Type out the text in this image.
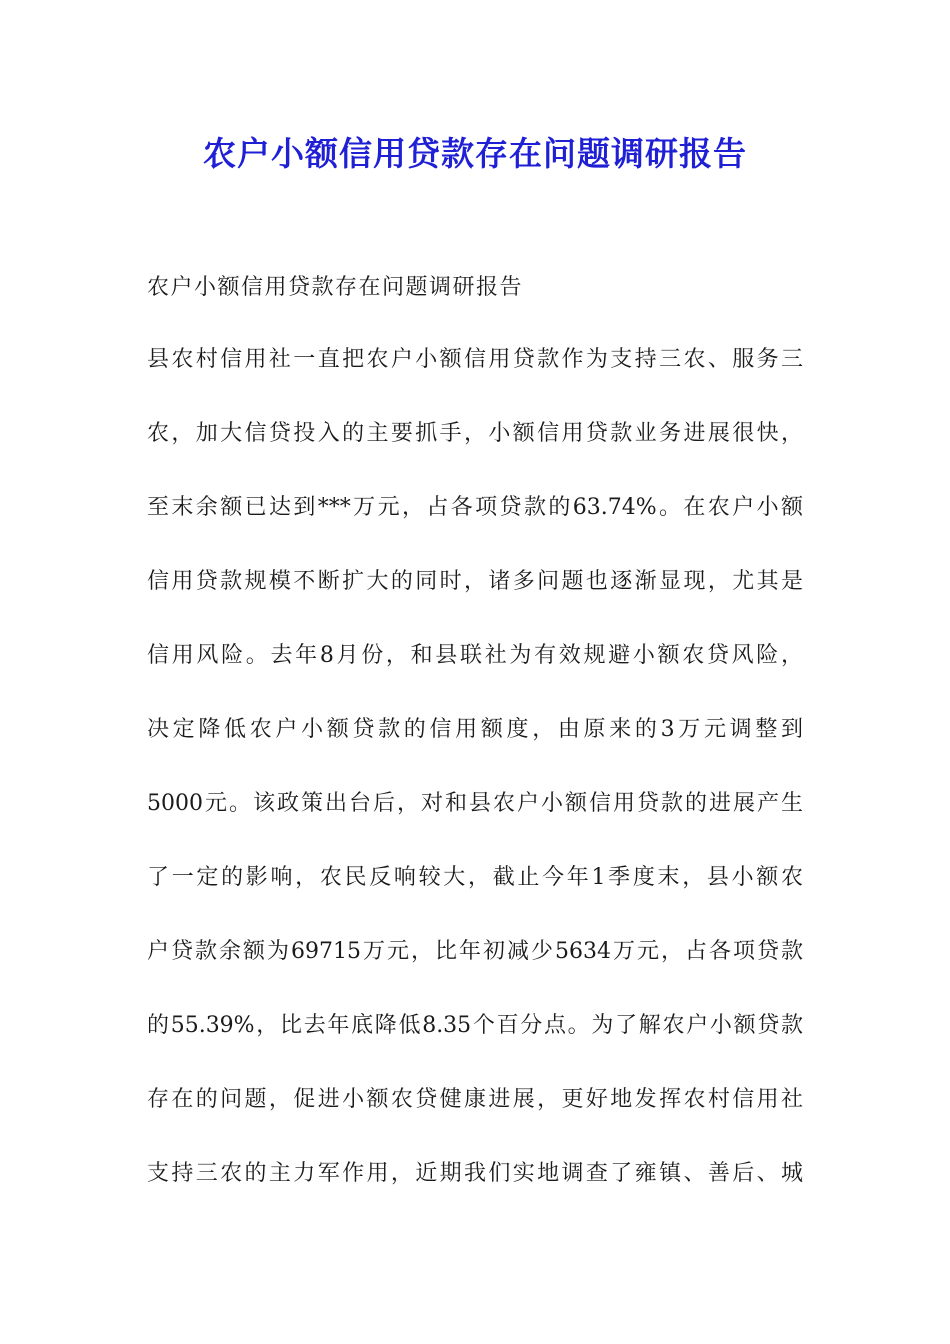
农户小额信用贷款存在问题调研报告
农户小额信用贷款存在问题调研报告
县农村信用社一直把农户小额信用贷款作为支持三农、服务三
农，加大信贷投入的主要抓手，小额信用贷款业务进展很快，
至末余额已达到***万元，占各项贷款的63.74%。在农户小额
信用贷款规模不断扩大的同时，诸多问题也逐渐显现，尤其是
信用风险。去年8月份，和县联社为有效规避小额农贷风险，
决定降低农户小额贷款的信用额度，由原来的3万元调整到
5000元。该政策出台后，对和县农户小额信用贷款的进展产生
了一定的影响，农民反响较大，截止今年1季度末，县小额农
户贷款余额为69715万元，比年初减少5634万元，占各项贷款
的55.39%，比去年底降低8.35个百分点。为了解农户小额贷款
存在的问题，促进小额农贷健康进展，更好地发挥农村信用社
支持三农的主力军作用，近期我们实地调查了雍镇、善后、城
